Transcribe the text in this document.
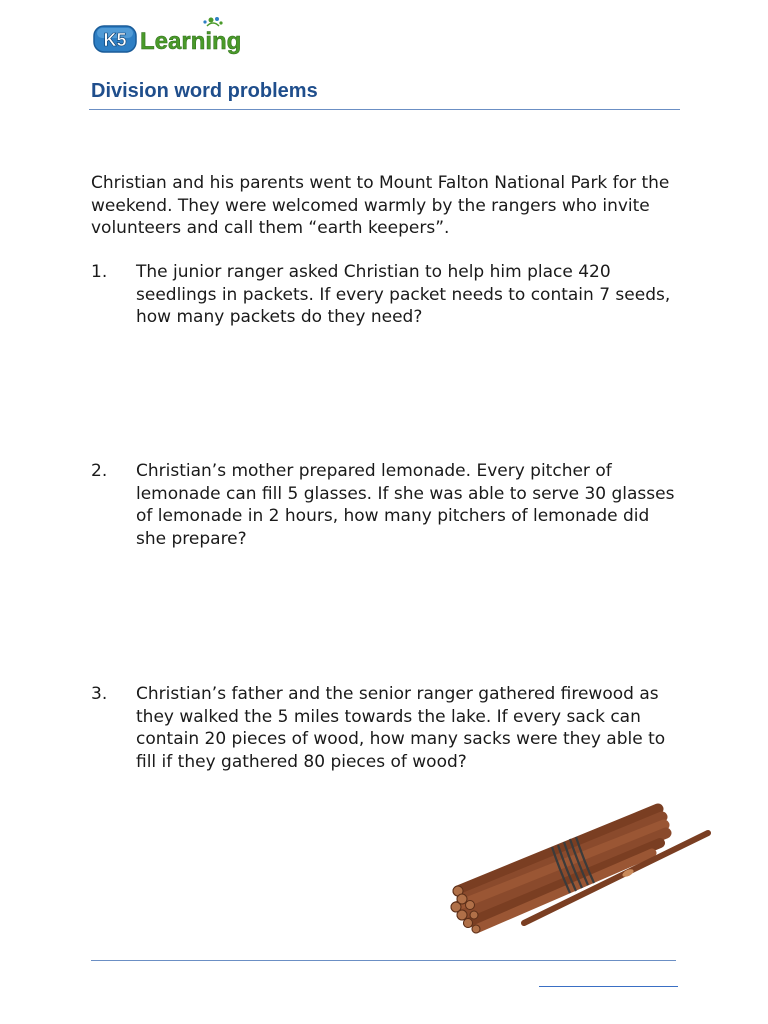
K5 Learning
Division word problems

Christian and his parents went to Mount Falton National Park for the weekend. They were welcomed warmly by the rangers who invite volunteers and call them “earth keepers”.

1.	The junior ranger asked Christian to help him place 420 seedlings in packets. If every packet needs to contain 7 seeds, how many packets do they need?

2.	Christian’s mother prepared lemonade. Every pitcher of lemonade can fill 5 glasses. If she was able to serve 30 glasses of lemonade in 2 hours, how many pitchers of lemonade did she prepare?

3.	Christian’s father and the senior ranger gathered firewood as they walked the 5 miles towards the lake. If every sack can contain 20 pieces of wood, how many sacks were they able to fill if they gathered 80 pieces of wood?
